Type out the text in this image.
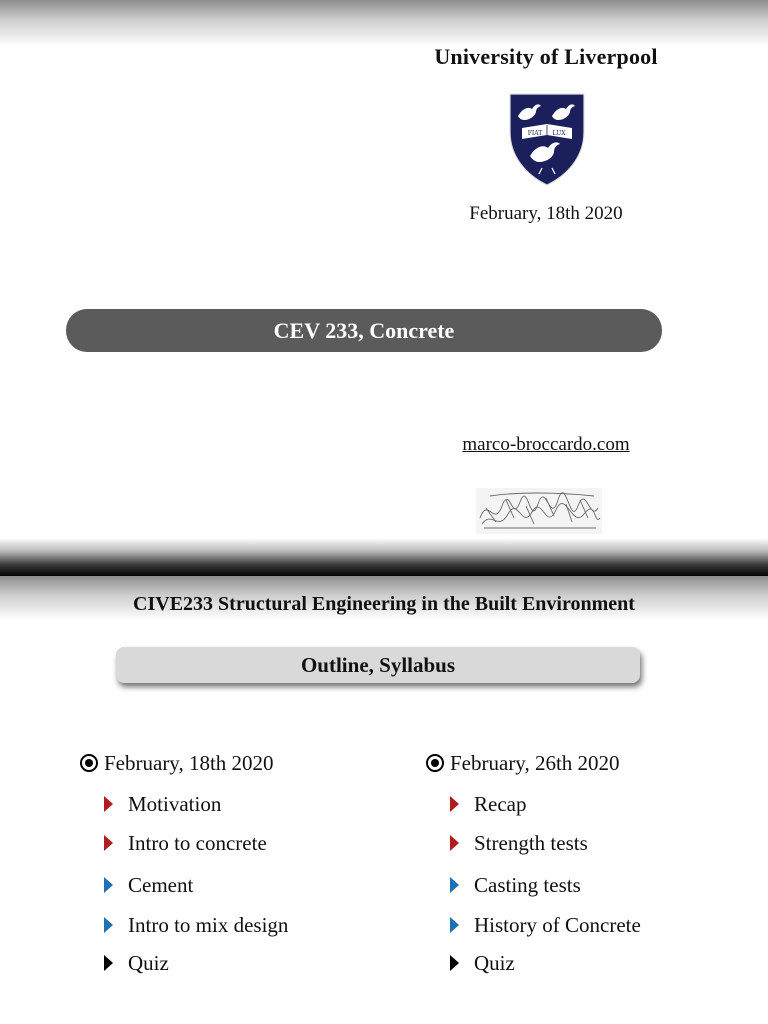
University of Liverpool
FIAT LUX
February, 18th 2020
CEV 233, Concrete
marco-broccardo.com
CIVE233 Structural Engineering in the Built Environment
Outline, Syllabus
February, 18th 2020
Motivation
Intro to concrete
Cement
Intro to mix design
Quiz
February, 26th 2020
Recap
Strength tests
Casting tests
History of Concrete
Quiz
